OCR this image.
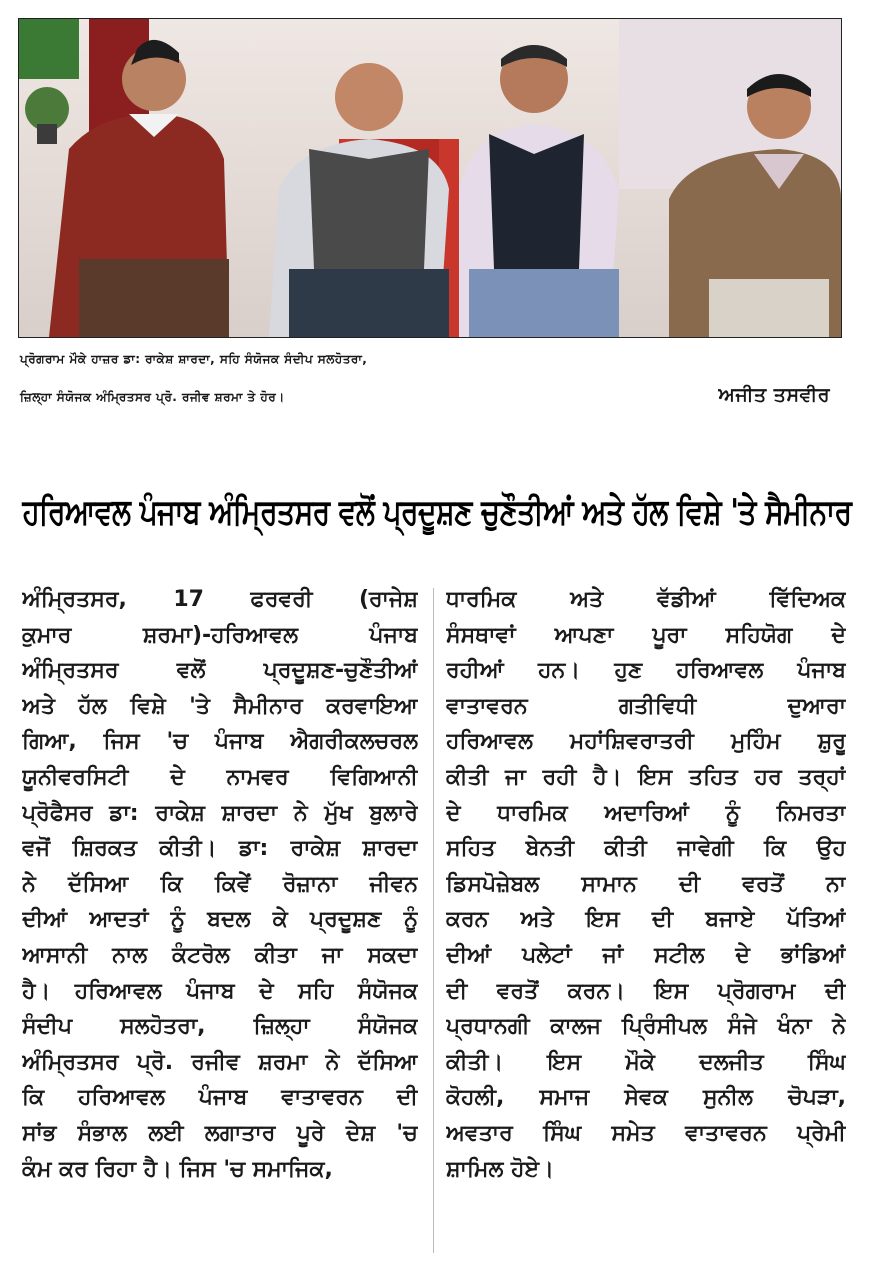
ਪ੍ਰੋਗਰਾਮ ਮੌਕੇ ਹਾਜ਼ਰ ਡਾ: ਰਾਕੇਸ਼ ਸ਼ਾਰਦਾ, ਸਹਿ ਸੰਯੋਜਕ ਸੰਦੀਪ ਸਲਹੋਤਰਾ,
ਜ਼ਿਲ੍ਹਾ ਸੰਯੋਜਕ ਅੰਮ੍ਰਿਤਸਰ ਪ੍ਰੋ. ਰਜੀਵ ਸ਼ਰਮਾ ਤੇ ਹੋਰ।	ਅਜੀਤ ਤਸਵੀਰ
ਹਰਿਆਵਲ ਪੰਜਾਬ ਅੰਮ੍ਰਿਤਸਰ ਵਲੋਂ ਪ੍ਰਦੂਸ਼ਣ ਚੁਣੌਤੀਆਂ ਅਤੇ ਹੱਲ ਵਿਸ਼ੇ 'ਤੇ ਸੈਮੀਨਾਰ
ਅੰਮ੍ਰਿਤਸਰ, 17 ਫਰਵਰੀ (ਰਾਜੇਸ਼
ਕੁਮਾਰ ਸ਼ਰਮਾ)-ਹਰਿਆਵਲ ਪੰਜਾਬ
ਅੰਮ੍ਰਿਤਸਰ ਵਲੋਂ ਪ੍ਰਦੂਸ਼ਣ-ਚੁਣੌਤੀਆਂ
ਅਤੇ ਹੱਲ ਵਿਸ਼ੇ 'ਤੇ ਸੈਮੀਨਾਰ ਕਰਵਾਇਆ
ਗਿਆ, ਜਿਸ 'ਚ ਪੰਜਾਬ ਐਗਰੀਕਲਚਰਲ
ਯੂਨੀਵਰਸਿਟੀ ਦੇ ਨਾਮਵਰ ਵਿਗਿਆਨੀ
ਪ੍ਰੋਫੈਸਰ ਡਾ: ਰਾਕੇਸ਼ ਸ਼ਾਰਦਾ ਨੇ ਮੁੱਖ ਬੁਲਾਰੇ
ਵਜੋਂ ਸ਼ਿਰਕਤ ਕੀਤੀ। ਡਾ: ਰਾਕੇਸ਼ ਸ਼ਾਰਦਾ
ਨੇ ਦੱਸਿਆ ਕਿ ਕਿਵੇਂ ਰੋਜ਼ਾਨਾ ਜੀਵਨ
ਦੀਆਂ ਆਦਤਾਂ ਨੂੰ ਬਦਲ ਕੇ ਪ੍ਰਦੂਸ਼ਣ ਨੂੰ
ਆਸਾਨੀ ਨਾਲ ਕੰਟਰੋਲ ਕੀਤਾ ਜਾ ਸਕਦਾ
ਹੈ। ਹਰਿਆਵਲ ਪੰਜਾਬ ਦੇ ਸਹਿ ਸੰਯੋਜਕ
ਸੰਦੀਪ ਸਲਹੋਤਰਾ, ਜ਼ਿਲ੍ਹਾ ਸੰਯੋਜਕ
ਅੰਮ੍ਰਿਤਸਰ ਪ੍ਰੋ. ਰਜੀਵ ਸ਼ਰਮਾ ਨੇ ਦੱਸਿਆ
ਕਿ ਹਰਿਆਵਲ ਪੰਜਾਬ ਵਾਤਾਵਰਨ ਦੀ
ਸਾਂਭ ਸੰਭਾਲ ਲਈ ਲਗਾਤਾਰ ਪੂਰੇ ਦੇਸ਼ 'ਚ
ਕੰਮ ਕਰ ਰਿਹਾ ਹੈ। ਜਿਸ 'ਚ ਸਮਾਜਿਕ,
ਧਾਰਮਿਕ ਅਤੇ ਵੱਡੀਆਂ ਵਿੱਦਿਅਕ
ਸੰਸਥਾਵਾਂ ਆਪਣਾ ਪੂਰਾ ਸਹਿਯੋਗ ਦੇ
ਰਹੀਆਂ ਹਨ। ਹੁਣ ਹਰਿਆਵਲ ਪੰਜਾਬ
ਵਾਤਾਵਰਨ ਗਤੀਵਿਧੀ ਦੁਆਰਾ
ਹਰਿਆਵਲ ਮਹਾਂਸ਼ਿਵਰਾਤਰੀ ਮੁਹਿੰਮ ਸ਼ੁਰੂ
ਕੀਤੀ ਜਾ ਰਹੀ ਹੈ। ਇਸ ਤਹਿਤ ਹਰ ਤਰ੍ਹਾਂ
ਦੇ ਧਾਰਮਿਕ ਅਦਾਰਿਆਂ ਨੂੰ ਨਿਮਰਤਾ
ਸਹਿਤ ਬੇਨਤੀ ਕੀਤੀ ਜਾਵੇਗੀ ਕਿ ਉਹ
ਡਿਸਪੋਜ਼ੇਬਲ ਸਾਮਾਨ ਦੀ ਵਰਤੋਂ ਨਾ
ਕਰਨ ਅਤੇ ਇਸ ਦੀ ਬਜਾਏ ਪੱਤਿਆਂ
ਦੀਆਂ ਪਲੇਟਾਂ ਜਾਂ ਸਟੀਲ ਦੇ ਭਾਂਡਿਆਂ
ਦੀ ਵਰਤੋਂ ਕਰਨ। ਇਸ ਪ੍ਰੋਗਰਾਮ ਦੀ
ਪ੍ਰਧਾਨਗੀ ਕਾਲਜ ਪ੍ਰਿੰਸੀਪਲ ਸੰਜੇ ਖੰਨਾ ਨੇ
ਕੀਤੀ। ਇਸ ਮੌਕੇ ਦਲਜੀਤ ਸਿੰਘ
ਕੋਹਲੀ, ਸਮਾਜ ਸੇਵਕ ਸੁਨੀਲ ਚੋਪੜਾ,
ਅਵਤਾਰ ਸਿੰਘ ਸਮੇਤ ਵਾਤਾਵਰਨ ਪ੍ਰੇਮੀ
ਸ਼ਾਮਿਲ ਹੋਏ।
